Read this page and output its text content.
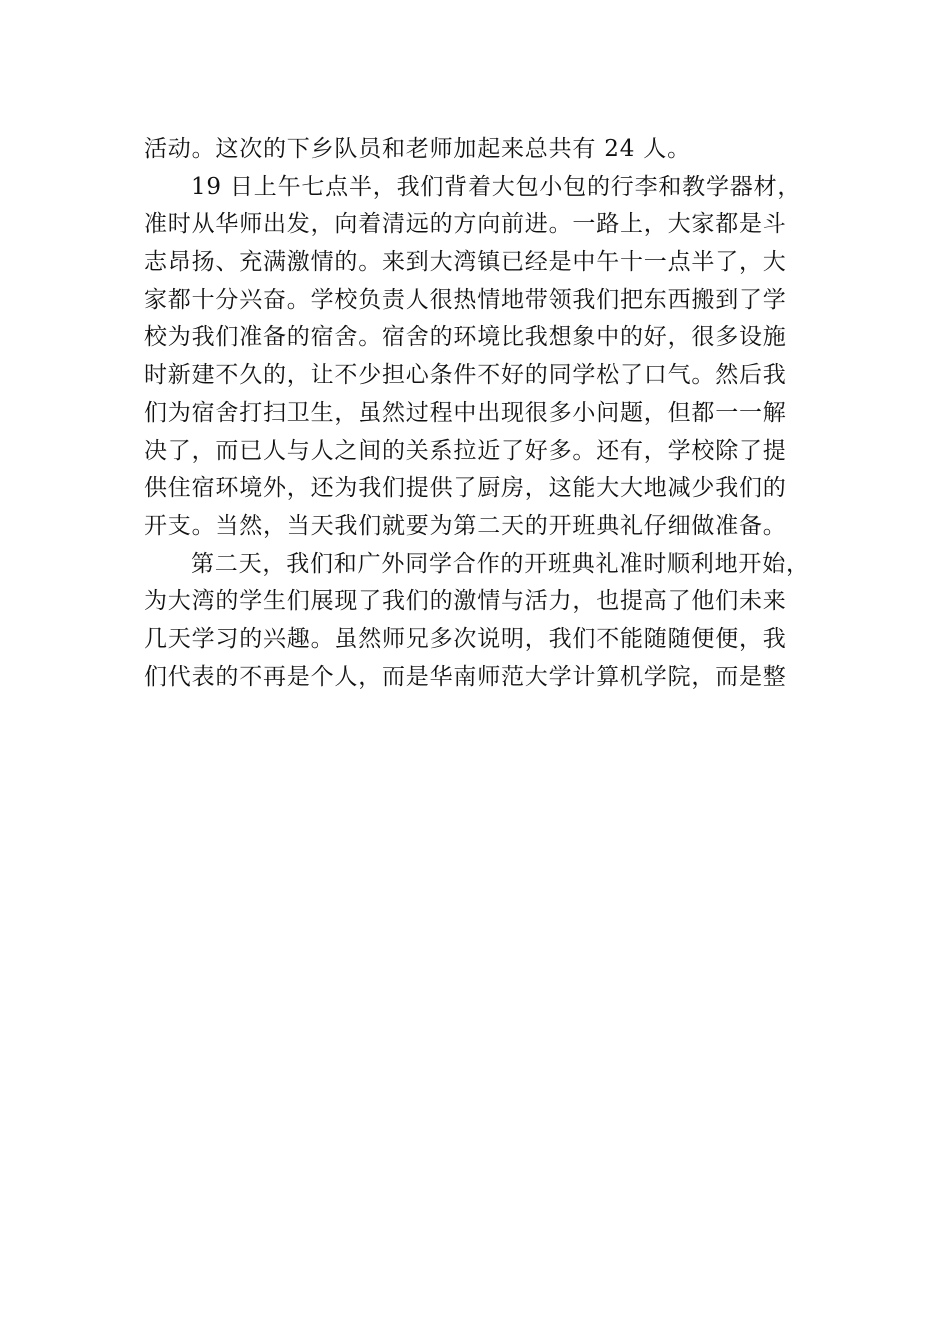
活动。这次的下乡队员和老师加起来总共有 24 人。
19 日上午七点半，我们背着大包小包的行李和教学器材，
准时从华师出发，向着清远的方向前进。一路上，大家都是斗
志昂扬、充满激情的。来到大湾镇已经是中午十一点半了，大
家都十分兴奋。学校负责人很热情地带领我们把东西搬到了学
校为我们准备的宿舍。宿舍的环境比我想象中的好，很多设施
时新建不久的，让不少担心条件不好的同学松了口气。然后我
们为宿舍打扫卫生，虽然过程中出现很多小问题，但都一一解
决了，而已人与人之间的关系拉近了好多。还有，学校除了提
供住宿环境外，还为我们提供了厨房，这能大大地减少我们的
开支。当然，当天我们就要为第二天的开班典礼仔细做准备。
第二天，我们和广外同学合作的开班典礼准时顺利地开始，
为大湾的学生们展现了我们的激情与活力，也提高了他们未来
几天学习的兴趣。虽然师兄多次说明，我们不能随随便便，我
们代表的不再是个人，而是华南师范大学计算机学院，而是整
